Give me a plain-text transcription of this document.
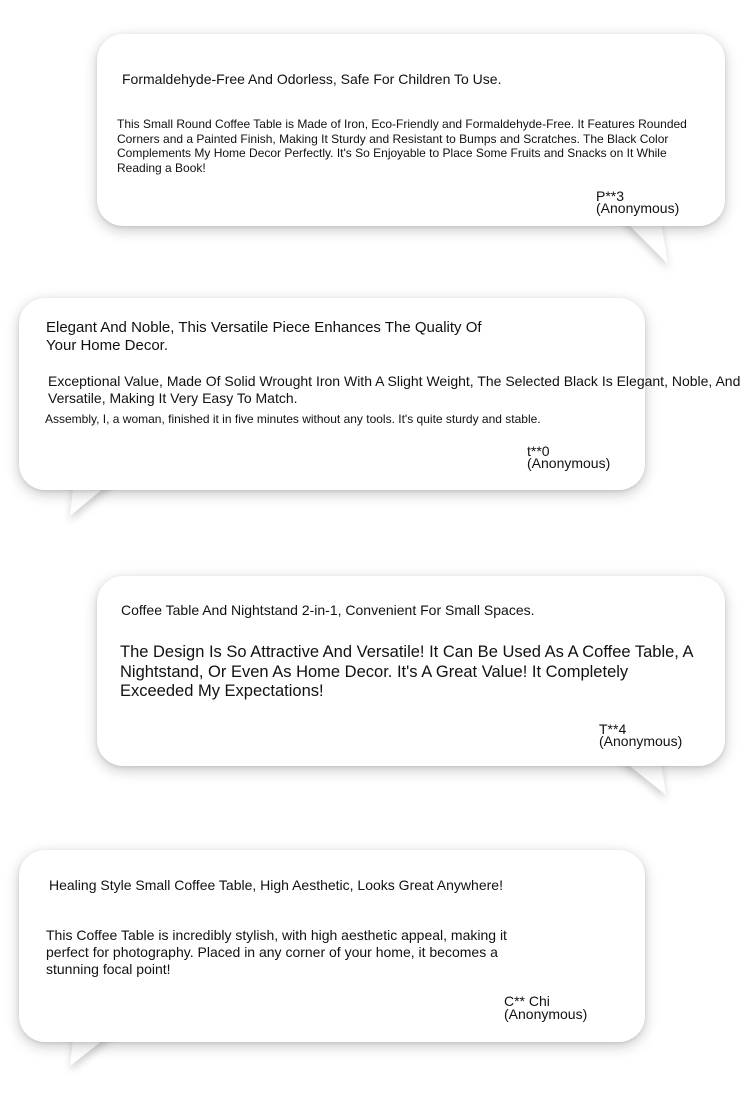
Formaldehyde-Free And Odorless, Safe For Children To Use.

This Small Round Coffee Table is Made of Iron, Eco-Friendly and Formaldehyde-Free. It Features Rounded Corners and a Painted Finish, Making It Sturdy and Resistant to Bumps and Scratches. The Black Color Complements My Home Decor Perfectly. It's So Enjoyable to Place Some Fruits and Snacks on It While Reading a Book!

P**3

(Anonymous)

Elegant And Noble, This Versatile Piece Enhances The Quality Of Your Home Decor.

Exceptional Value, Made Of Solid Wrought Iron With A Slight Weight, The Selected Black Is Elegant, Noble, And Versatile, Making It Very Easy To Match.

Assembly, I, a woman, finished it in five minutes without any tools. It's quite sturdy and stable.

t**0

(Anonymous)

Coffee Table And Nightstand 2-in-1, Convenient For Small Spaces.

The Design Is So Attractive And Versatile! It Can Be Used As A Coffee Table, A Nightstand, Or Even As Home Decor. It's A Great Value! It Completely Exceeded My Expectations!

T**4

(Anonymous)

Healing Style Small Coffee Table, High Aesthetic, Looks Great Anywhere!

This Coffee Table is incredibly stylish, with high aesthetic appeal, making it perfect for photography. Placed in any corner of your home, it becomes a stunning focal point!

C** Chi

(Anonymous)
